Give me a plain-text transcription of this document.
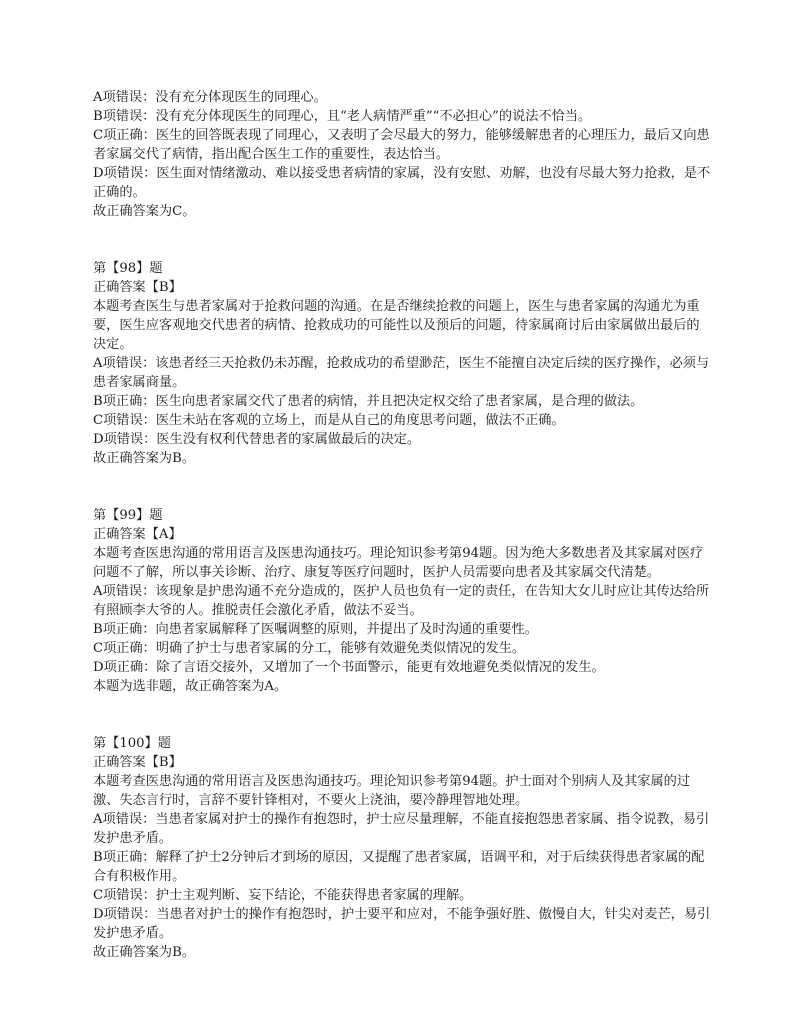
A项错误：没有充分体现医生的同理心。
B项错误：没有充分体现医生的同理心，且“老人病情严重”“不必担心”的说法不恰当。
C项正确：医生的回答既表现了同理心，又表明了会尽最大的努力，能够缓解患者的心理压力，最后又向患者家属交代了病情，指出配合医生工作的重要性，表达恰当。
D项错误：医生面对情绪激动、难以接受患者病情的家属，没有安慰、劝解，也没有尽最大努力抢救，是不正确的。
故正确答案为C。
第【98】题
正确答案【B】
本题考查医生与患者家属对于抢救问题的沟通。在是否继续抢救的问题上，医生与患者家属的沟通尤为重要，医生应客观地交代患者的病情、抢救成功的可能性以及预后的问题，待家属商讨后由家属做出最后的决定。
A项错误：该患者经三天抢救仍未苏醒，抢救成功的希望渺茫，医生不能擅自决定后续的医疗操作，必须与患者家属商量。
B项正确：医生向患者家属交代了患者的病情，并且把决定权交给了患者家属，是合理的做法。
C项错误：医生未站在客观的立场上，而是从自己的角度思考问题，做法不正确。
D项错误：医生没有权利代替患者的家属做最后的决定。
故正确答案为B。
第【99】题
正确答案【A】
本题考查医患沟通的常用语言及医患沟通技巧。理论知识参考第94题。因为绝大多数患者及其家属对医疗问题不了解，所以事关诊断、治疗、康复等医疗问题时，医护人员需要向患者及其家属交代清楚。
A项错误：该现象是护患沟通不充分造成的，医护人员也负有一定的责任，在告知大女儿时应让其传达给所有照顾李大爷的人。推脱责任会激化矛盾，做法不妥当。
B项正确：向患者家属解释了医嘱调整的原则，并提出了及时沟通的重要性。
C项正确：明确了护士与患者家属的分工，能够有效避免类似情况的发生。
D项正确：除了言语交接外，又增加了一个书面警示，能更有效地避免类似情况的发生。
本题为选非题，故正确答案为A。
第【100】题
正确答案【B】
本题考查医患沟通的常用语言及医患沟通技巧。理论知识参考第94题。护士面对个别病人及其家属的过激、失态言行时，言辞不要针锋相对，不要火上浇油，要冷静理智地处理。
A项错误：当患者家属对护士的操作有抱怨时，护士应尽量理解，不能直接抱怨患者家属、指令说教，易引发护患矛盾。
B项正确：解释了护士2分钟后才到场的原因，又提醒了患者家属，语调平和，对于后续获得患者家属的配合有积极作用。
C项错误：护士主观判断、妄下结论，不能获得患者家属的理解。
D项错误：当患者对护士的操作有抱怨时，护士要平和应对，不能争强好胜、傲慢自大，针尖对麦芒，易引发护患矛盾。
故正确答案为B。
